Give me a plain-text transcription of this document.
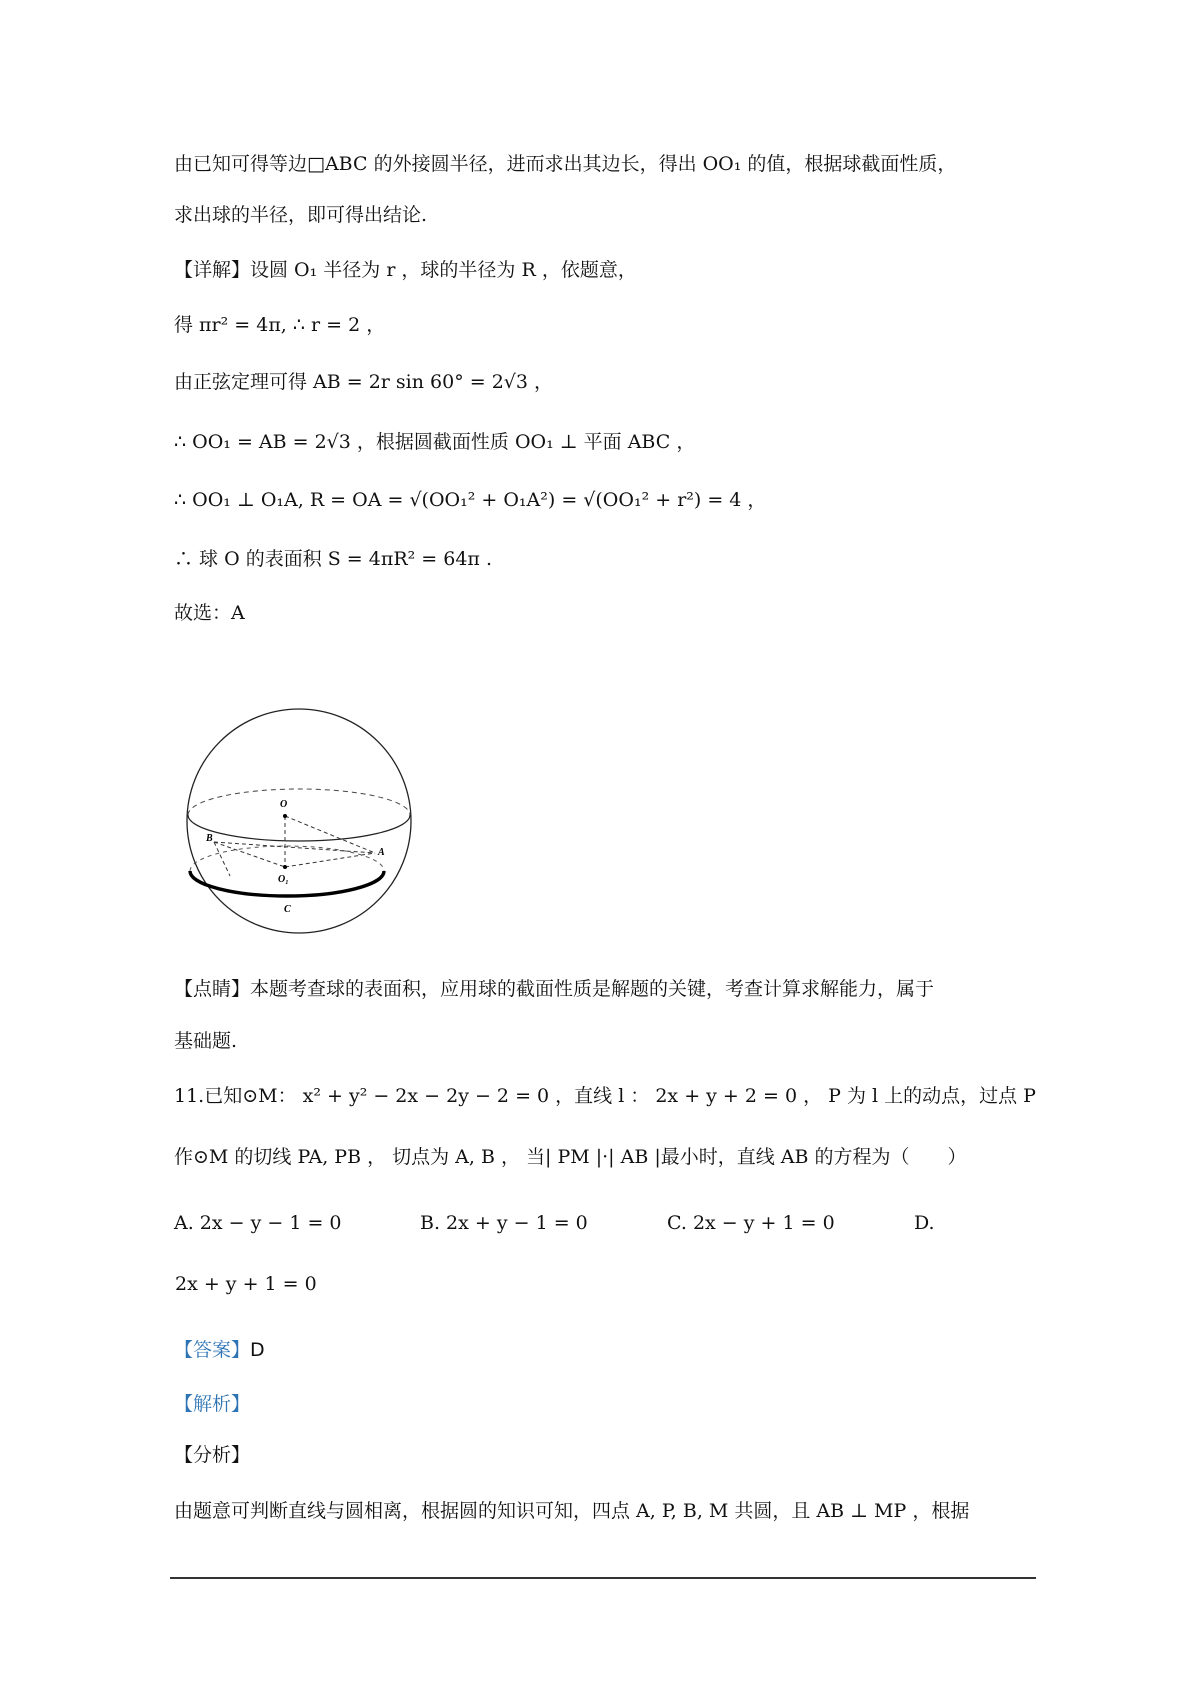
由已知可得等边□ABC 的外接圆半径，进而求出其边长，得出 OO₁ 的值，根据球截面性质，
求出球的半径，即可得出结论.
【详解】设圆 O₁ 半径为 r ，球的半径为 R ，依题意，
得 πr² = 4π, ∴ r = 2 ，
由正弦定理可得 AB = 2r sin 60° = 2√3 ，
∴ OO₁ = AB = 2√3 ，根据圆截面性质 OO₁ ⊥ 平面 ABC ，
∴ OO₁ ⊥ O₁A, R = OA = √(OO₁² + O₁A²) = √(OO₁² + r²) = 4 ，
∴ 球 O 的表面积 S = 4πR² = 64π .
故选：A
O
O₁
A
B
C
【点睛】本题考查球的表面积，应用球的截面性质是解题的关键，考查计算求解能力，属于
基础题.
11.已知⊙M： x² + y² − 2x − 2y − 2 = 0 ，直线 l ： 2x + y + 2 = 0 ， P 为 l 上的动点，过点 P
作⊙M 的切线 PA, PB ， 切点为 A, B ， 当| PM |·| AB |最小时，直线 AB 的方程为（　　）
A. 2x − y − 1 = 0	B. 2x + y − 1 = 0	C. 2x − y + 1 = 0	D.
2x + y + 1 = 0
【答案】D
【解析】
【分析】
由题意可判断直线与圆相离，根据圆的知识可知，四点 A, P, B, M 共圆，且 AB ⊥ MP ，根据
